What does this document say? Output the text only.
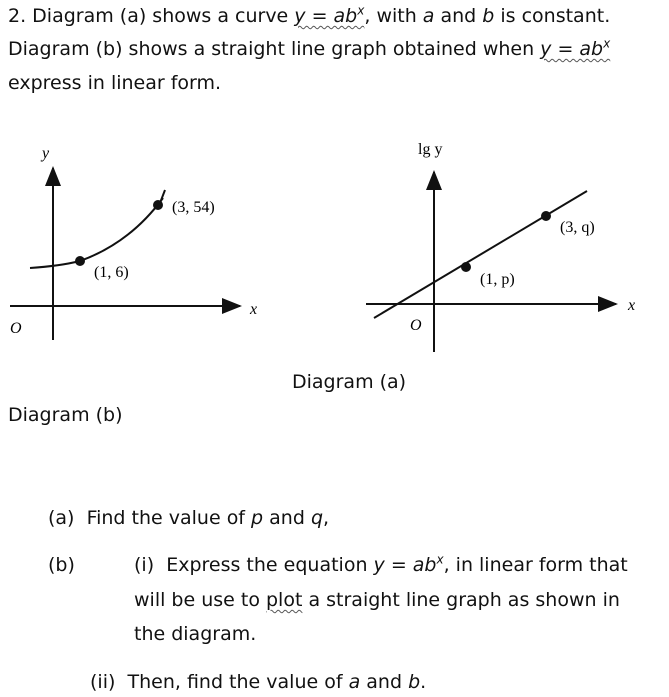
2. Diagram (a) shows a curve $y = ab^x$, with a and b is constant.
Diagram (b) shows a straight line graph obtained when $y = ab^x$
express in linear form.
y
x
O
(1, 6)
(3, 54)
lg y
x
O
(1, p)
(3, q)
Diagram (a)
Diagram (b)
(a) Find the value of p and q,
(b)	(i) Express the equation $y = ab^x$, in linear form that
will be use to plot a straight line graph as shown in
the diagram.
(ii) Then, find the value of a and b.
